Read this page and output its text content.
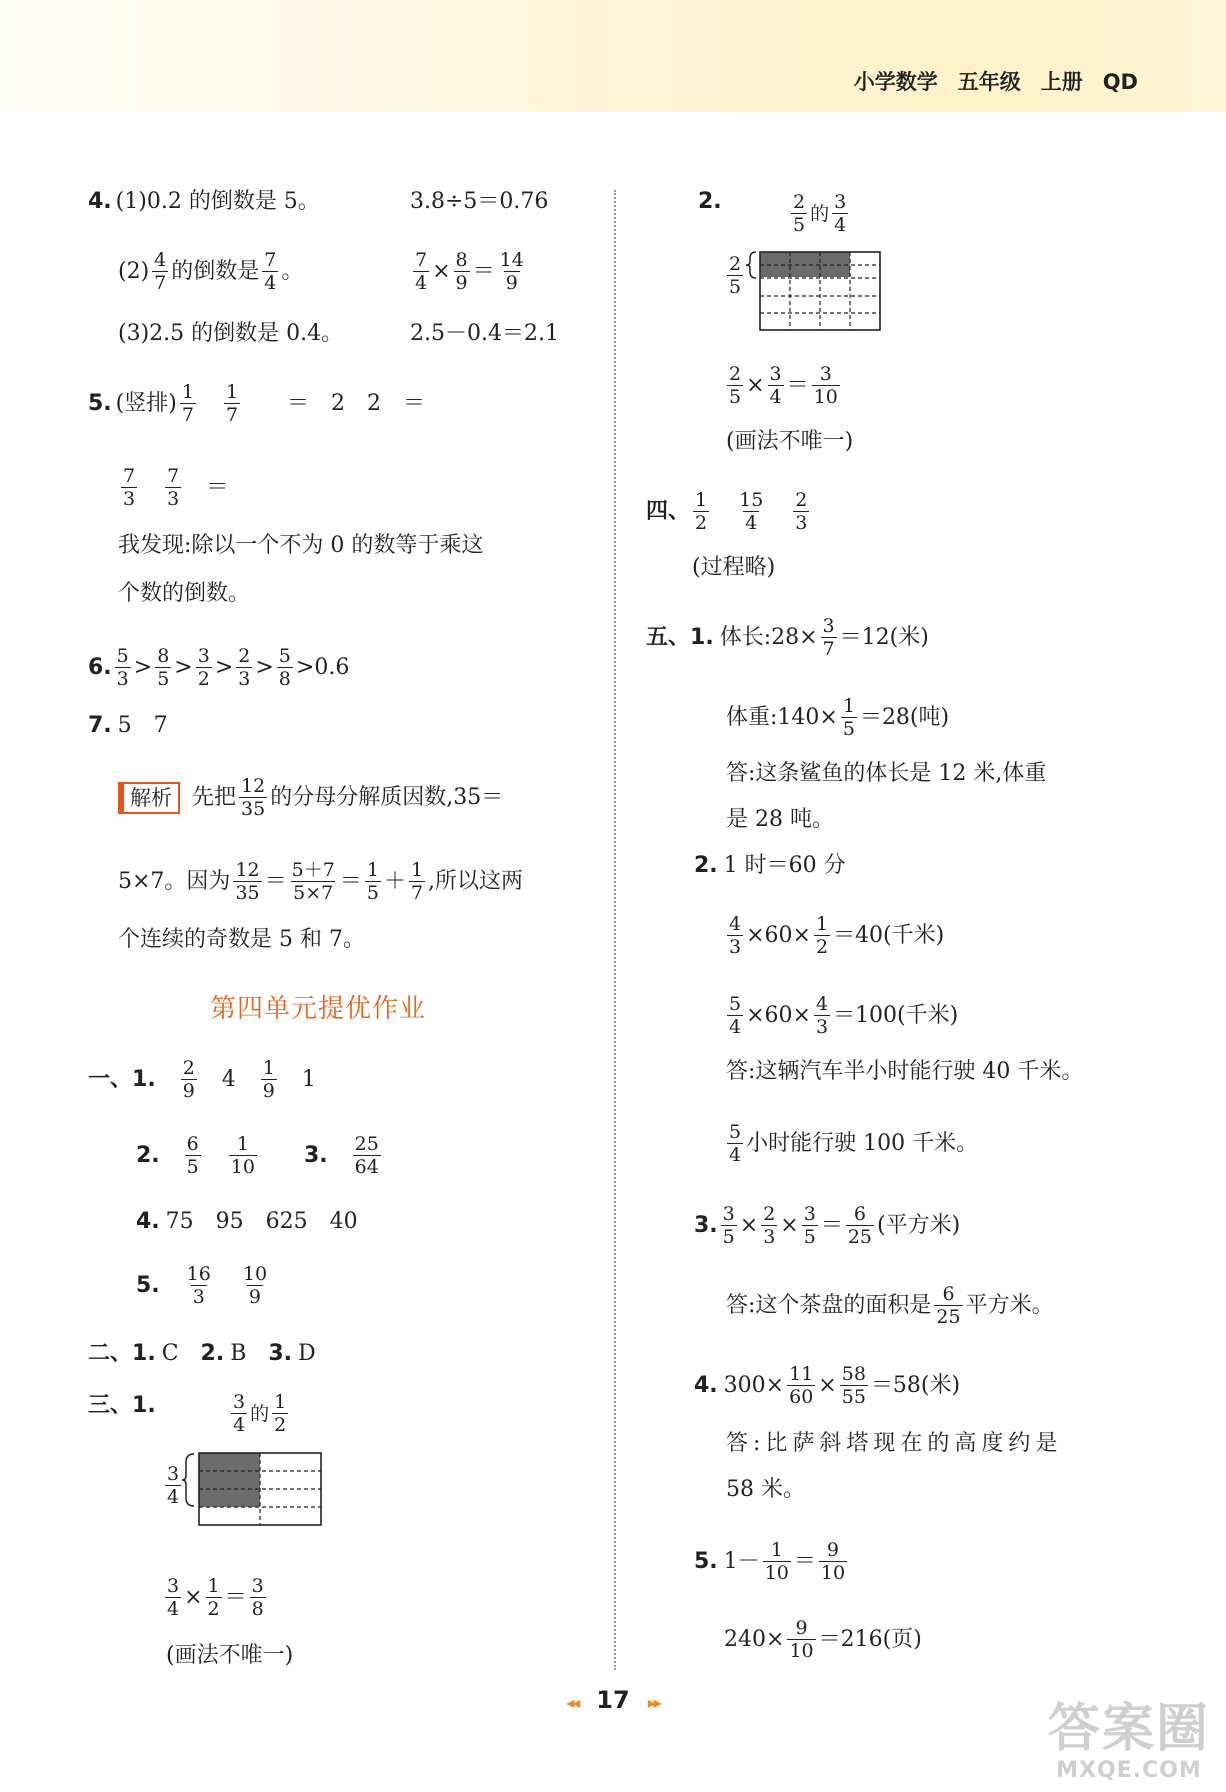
小学数学 五年级 上册 QD
4. (1)0.2 的倒数是 5。	3.8÷5＝0.76
(2) 4
7 的倒数是 7
4 。	$\frac{7}{4} \times \frac{8}{9} = 14$
9
(3)2.5 的倒数是 0.4。	2.5－0.4＝2.1
5. (竖排) 1
7
1
7 ＝ 2 2 ＝
7
3
7
3 ＝
我发现:除以一个不为 0 的数等于乘这
个数的倒数。
6. 5
3 > 8
5 > 3
2 > 2
3 > 5
8 > 0.6
7. 5 7
解析 先把 12
35 的分母分解质因数,35＝
5×7。因为 12
35 ＝ 5＋7
5×7 ＝ 1
5 ＋ 1
7 , 所以这两
个连续的奇数是 5 和 7。
第四单元提优作业
一、 1. 2
9 4 1
9 1
2. 6
5
1
10 3. 25
64
4. 75　95　625　40
5. 16
3
10
9
二、 1. C 2. B 3. D
三、 1.	3
4 的
1
2
3
4
$\frac{3}{4} \times \frac{1}{2} = 3$
8
(画法不唯一)
2.	2
5 的
3
4
2
5
$\frac{2}{5} \times \frac{3}{4} = 3$
10
(画法不唯一)
四、 1
2
15
4
2
3
(过程略)
五、 1. 体长:28× $\frac{3}{7} =12$(米)
体重:140× $\frac{1}{5} =28$(吨)
答:这条鲨鱼的体长是 12 米,体重
是 28 吨。
2. 1 时＝60 分
$\frac{4}{3} \times 60\times \frac{1}{2} =40$(千米)
$\frac{5}{4} \times 60\times \frac{4}{3} =100$(千米)
答:这辆汽车半小时能行驶 40 千米。
5
4 小时能行驶 100 千米。
3. $\frac{3}{5} \times \frac{2}{3} \times \frac{3}{5} = 6$
25 (平方米)
答:这个茶盘的面积是 6
25 平方米。
4. $300\times \frac{11}{60} \times \frac{58}{55} =58$(米)
答:比萨斜塔现在的高度约是
58 米。
5. 1－ 1
10 ＝ 9
10
$240\times \frac{9}{10} =216$(页)
◂◂ 17 ▸▸	答案圈
MXQE.COM
